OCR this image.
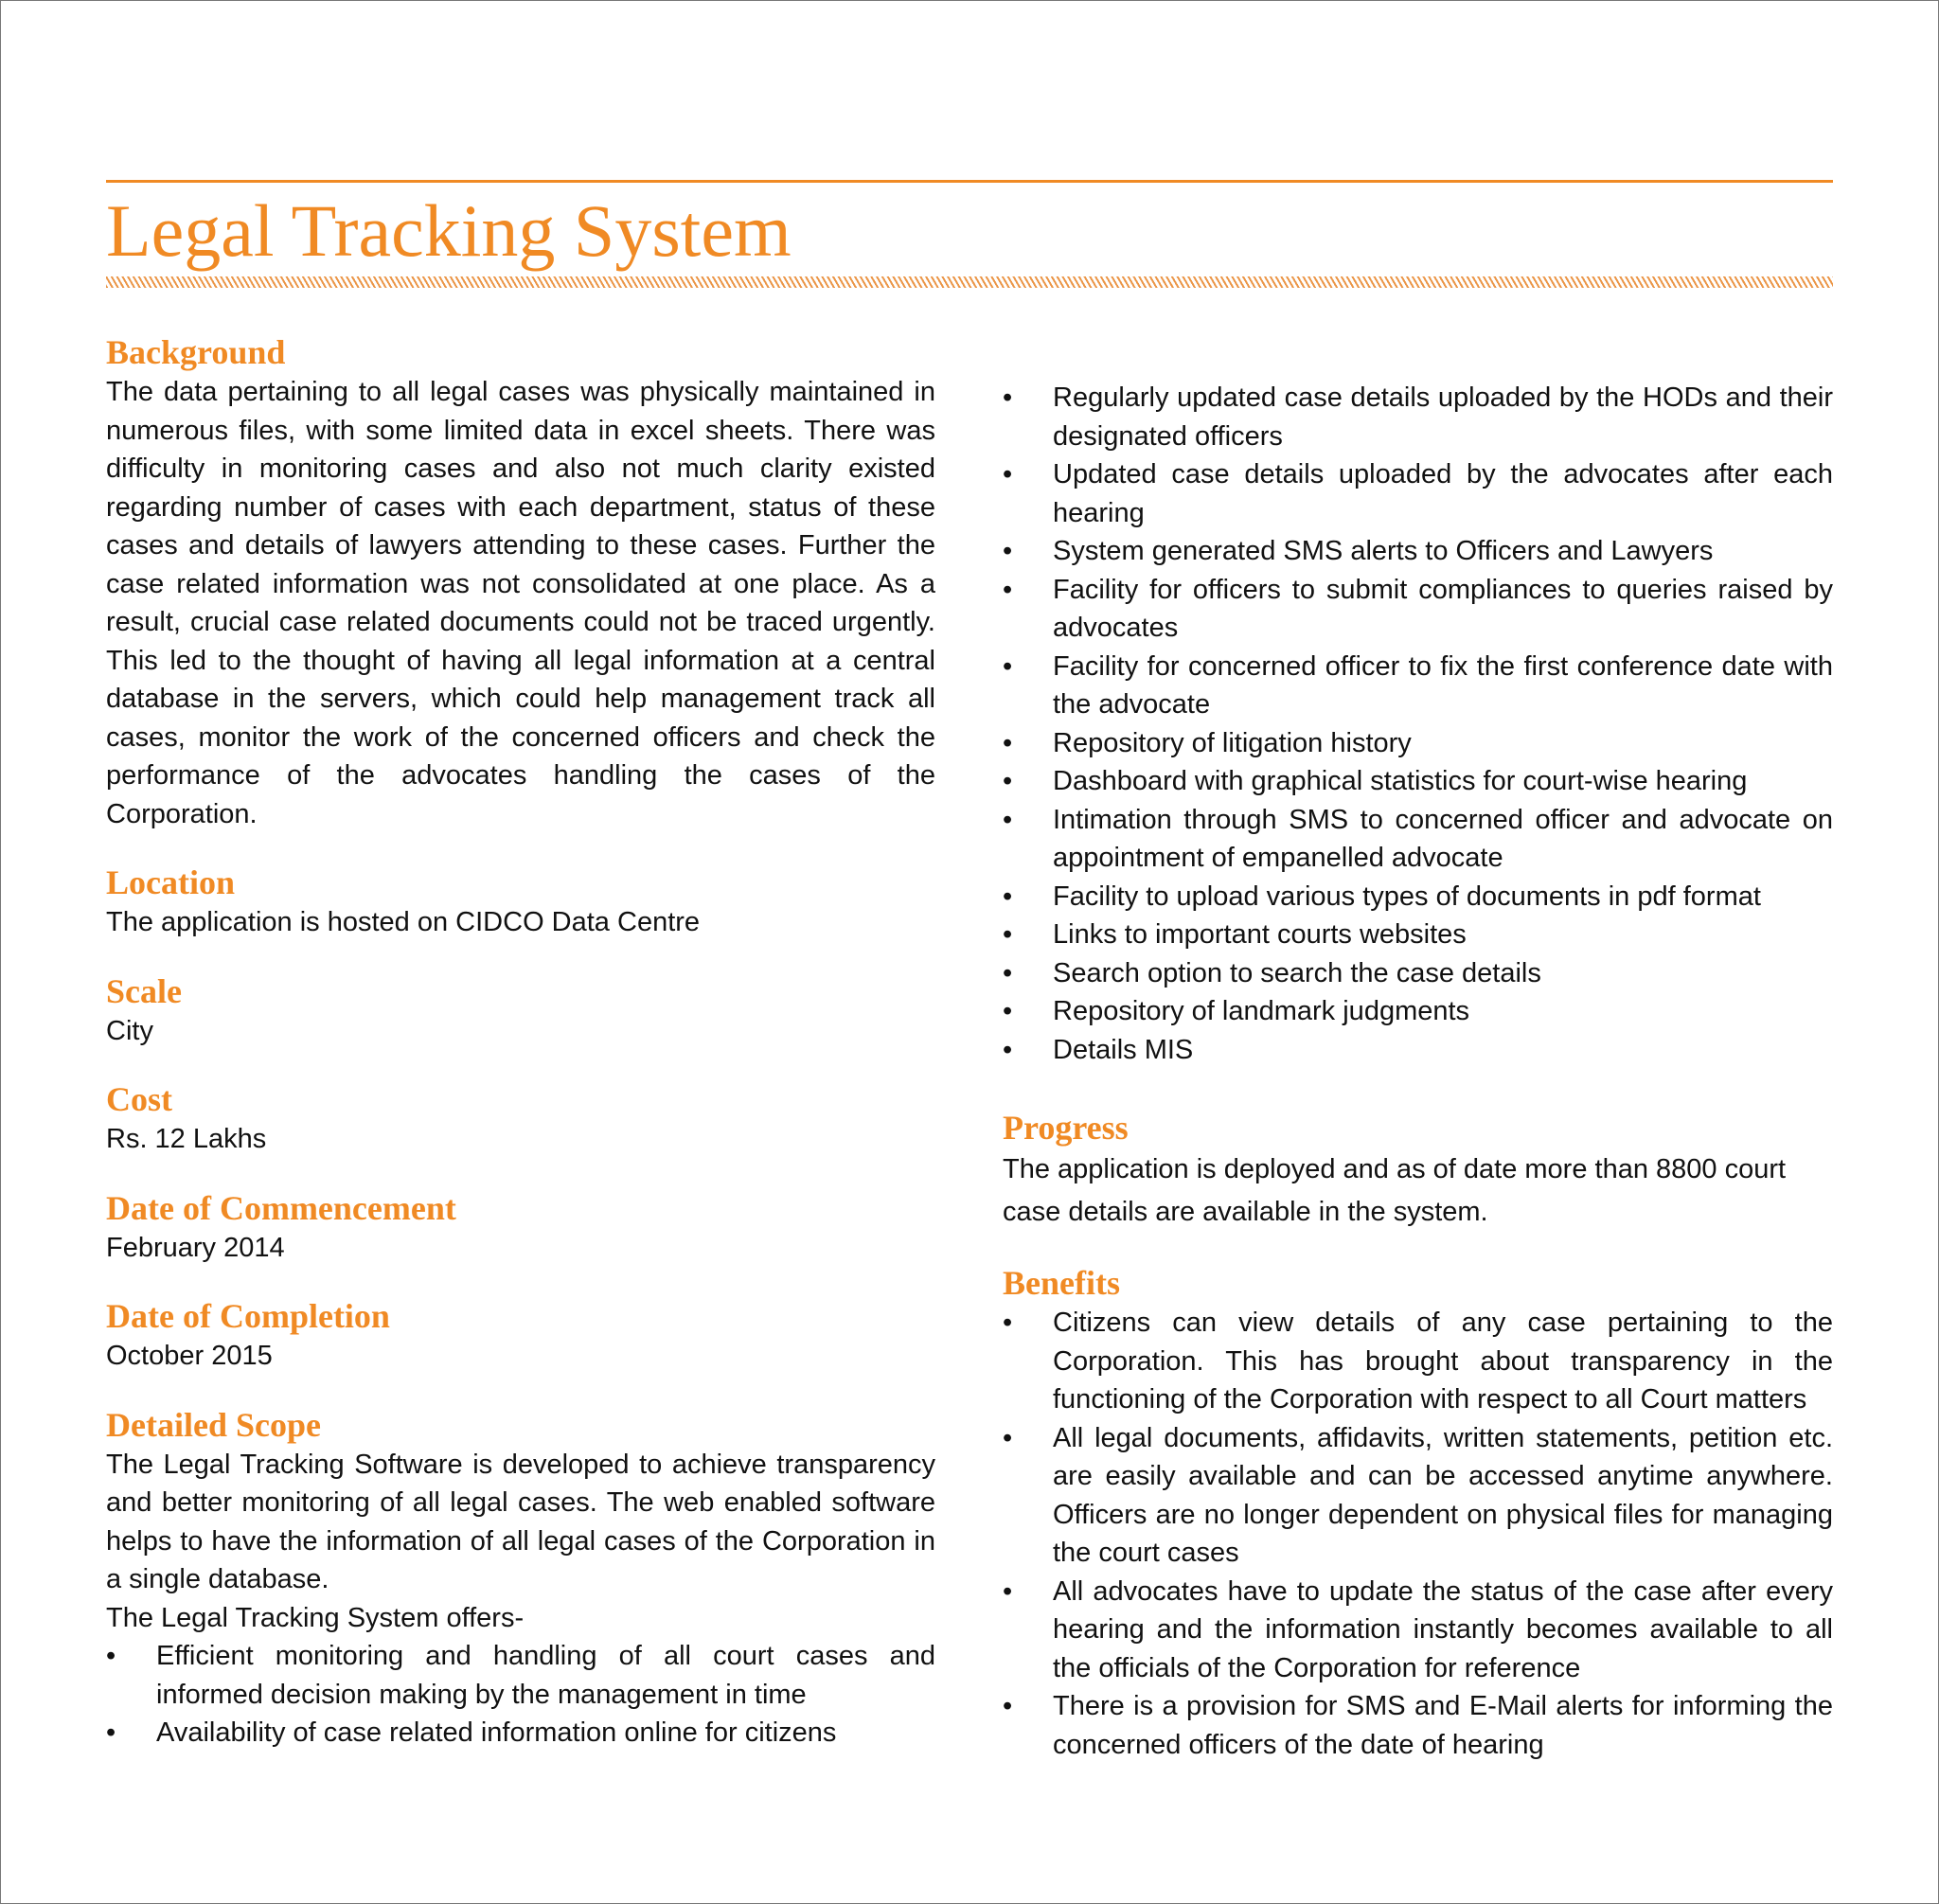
Legal Tracking System
Background
The data pertaining to all legal cases was physically maintained in numerous files, with some limited data in excel sheets. There was difficulty in monitoring cases and also not much clarity existed regarding number of cases with each department, status of these cases and details of lawyers attending to these cases. Further the case related information was not consolidated at one place. As a result, crucial case related documents could not be traced urgently. This led to the thought of having all legal information at a central database in the servers, which could help management track all cases, monitor the work of the concerned officers and check the performance of the advocates handling the cases of the Corporation.
Location
The application is hosted on CIDCO Data Centre
Scale
City
Cost
Rs. 12 Lakhs
Date of Commencement
February 2014
Date of Completion
October 2015
Detailed Scope
The Legal Tracking Software is developed to achieve transparency and better monitoring of all legal cases. The web enabled software helps to have the information of all legal cases of the Corporation in a single database.
The Legal Tracking System offers-
• Efficient monitoring and handling of all court cases and informed decision making by the management in time
• Availability of case related information online for citizens
• Regularly updated case details uploaded by the HODs and their designated officers
• Updated case details uploaded by the advocates after each hearing
• System generated SMS alerts to Officers and Lawyers
• Facility for officers to submit compliances to queries raised by advocates
• Facility for concerned officer to fix the first conference date with the advocate
• Repository of litigation history
• Dashboard with graphical statistics for court-wise hearing
• Intimation through SMS to concerned officer and advocate on appointment of empanelled advocate
• Facility to upload various types of documents in pdf format
• Links to important courts websites
• Search option to search the case details
• Repository of landmark judgments
• Details MIS
Progress
The application is deployed and as of date more than 8800 court case details are available in the system.
Benefits
• Citizens can view details of any case pertaining to the Corporation. This has brought about transparency in the functioning of the Corporation with respect to all Court matters
• All legal documents, affidavits, written statements, petition etc. are easily available and can be accessed anytime anywhere. Officers are no longer dependent on physical files for managing the court cases
• All advocates have to update the status of the case after every hearing and the information instantly becomes available to all the officials of the Corporation for reference
• There is a provision for SMS and E-Mail alerts for informing the concerned officers of the date of hearing
